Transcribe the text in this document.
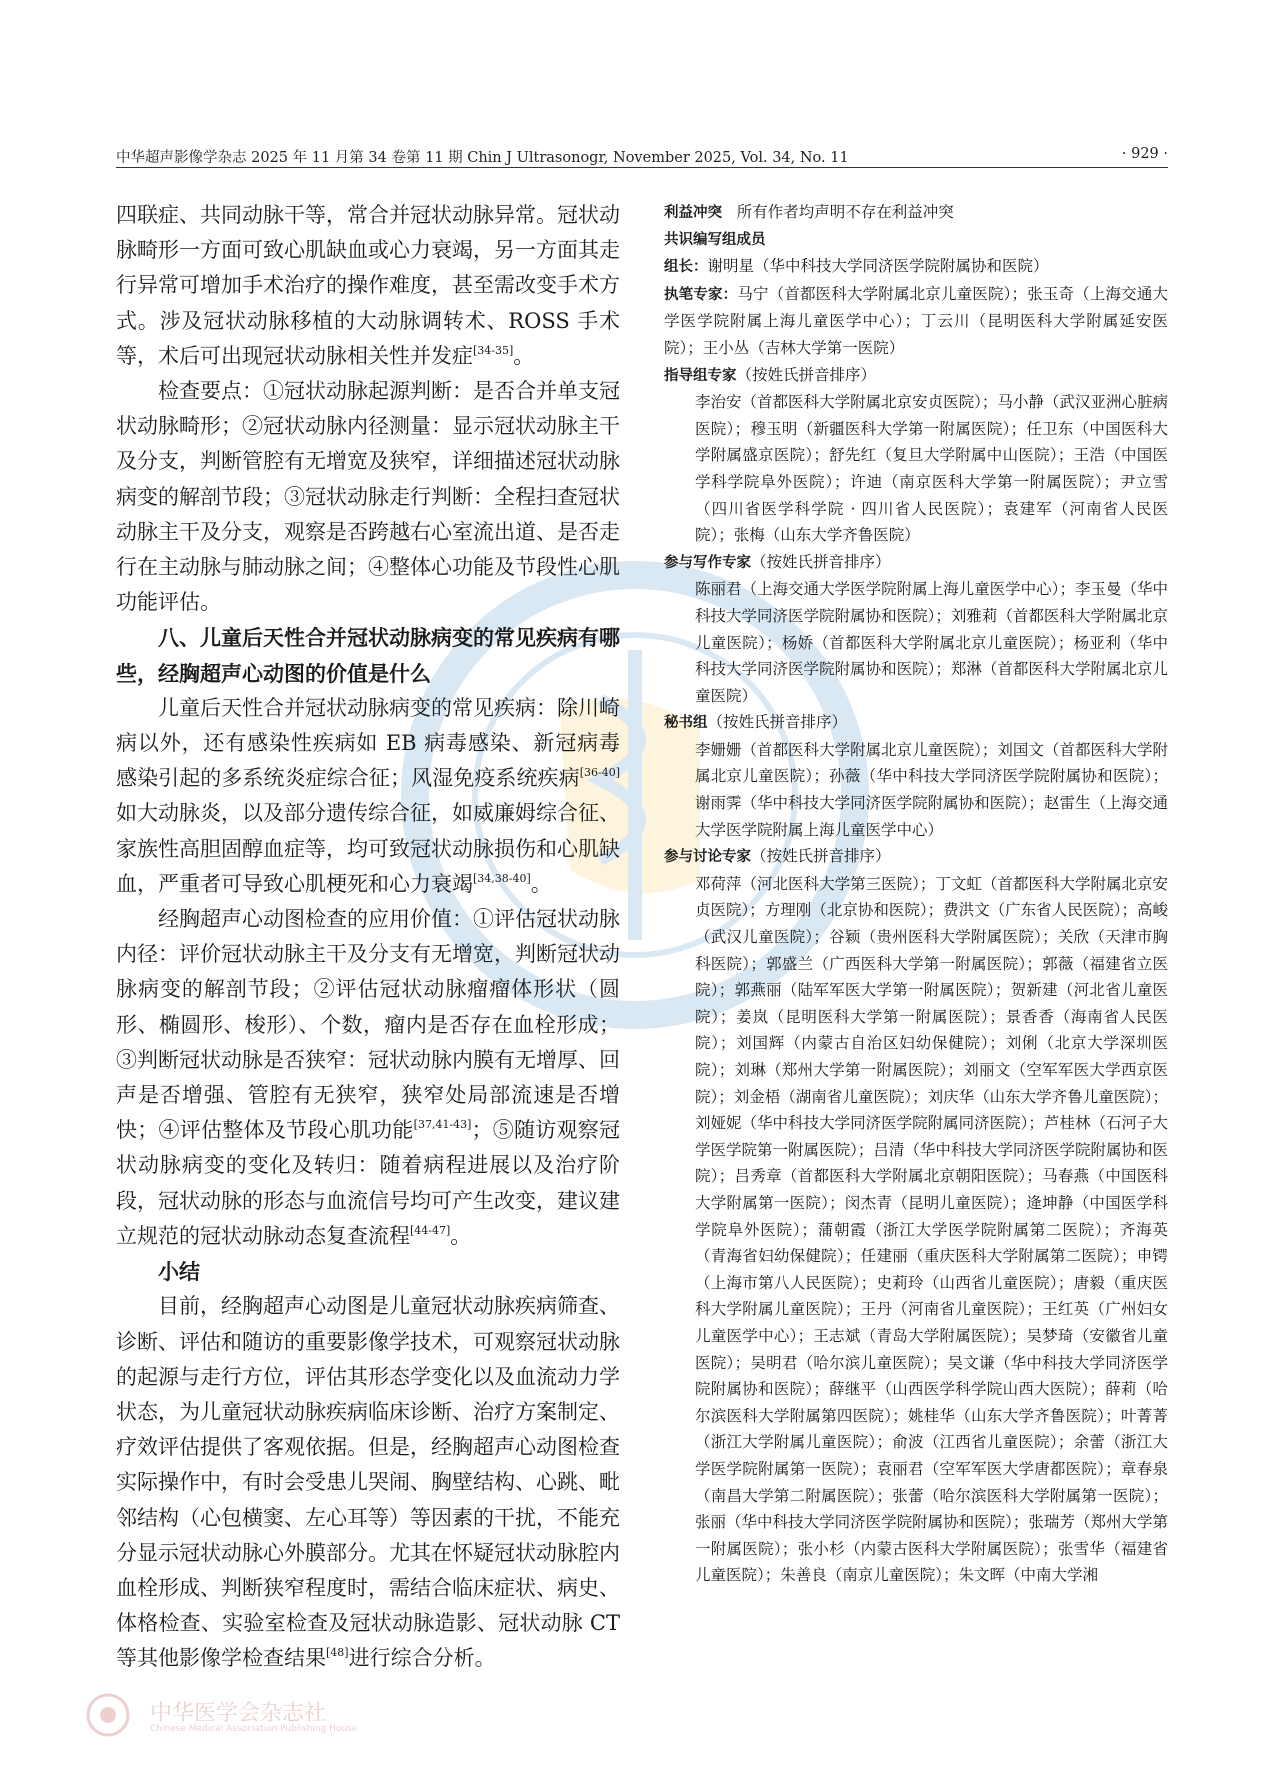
中华超声影像学杂志 2025 年 11 月第 34 卷第 11 期 Chin J Ultrasonogr, November 2025, Vol. 34, No. 11	· 929 ·

四联症、共同动脉干等，常合并冠状动脉异常。冠状动脉畸形一方面可致心肌缺血或心力衰竭，另一方面其走行异常可增加手术治疗的操作难度，甚至需改变手术方式。涉及冠状动脉移植的大动脉调转术、ROSS 手术等，术后可出现冠状动脉相关性并发症[34-35]。

检查要点：①冠状动脉起源判断：是否合并单支冠状动脉畸形；②冠状动脉内径测量：显示冠状动脉主干及分支，判断管腔有无增宽及狭窄，详细描述冠状动脉病变的解剖节段；③冠状动脉走行判断：全程扫查冠状动脉主干及分支，观察是否跨越右心室流出道、是否走行在主动脉与肺动脉之间；④整体心功能及节段性心肌功能评估。

八、儿童后天性合并冠状动脉病变的常见疾病有哪些，经胸超声心动图的价值是什么

儿童后天性合并冠状动脉病变的常见疾病：除川崎病以外，还有感染性疾病如 EB 病毒感染、新冠病毒感染引起的多系统炎症综合征；风湿免疫系统疾病[36-40]如大动脉炎，以及部分遗传综合征，如威廉姆综合征、家族性高胆固醇血症等，均可致冠状动脉损伤和心肌缺血，严重者可导致心肌梗死和心力衰竭[34,38-40]。

经胸超声心动图检查的应用价值：①评估冠状动脉内径：评价冠状动脉主干及分支有无增宽，判断冠状动脉病变的解剖节段；②评估冠状动脉瘤瘤体形状（圆形、椭圆形、梭形）、个数，瘤内是否存在血栓形成；③判断冠状动脉是否狭窄：冠状动脉内膜有无增厚、回声是否增强、管腔有无狭窄，狭窄处局部流速是否增快；④评估整体及节段心肌功能[37,41-43]；⑤随访观察冠状动脉病变的变化及转归：随着病程进展以及治疗阶段，冠状动脉的形态与血流信号均可产生改变，建议建立规范的冠状动脉动态复查流程[44-47]。

小结

目前，经胸超声心动图是儿童冠状动脉疾病筛查、诊断、评估和随访的重要影像学技术，可观察冠状动脉的起源与走行方位，评估其形态学变化以及血流动力学状态，为儿童冠状动脉疾病临床诊断、治疗方案制定、疗效评估提供了客观依据。但是，经胸超声心动图检查实际操作中，有时会受患儿哭闹、胸壁结构、心跳、毗邻结构（心包横窦、左心耳等）等因素的干扰，不能充分显示冠状动脉心外膜部分。尤其在怀疑冠状动脉腔内血栓形成、判断狭窄程度时，需结合临床症状、病史、体格检查、实验室检查及冠状动脉造影、冠状动脉 CT 等其他影像学检查结果[48]进行综合分析。

利益冲突 所有作者均声明不存在利益冲突

共识编写组成员

组长：谢明星（华中科技大学同济医学院附属协和医院）

执笔专家：马宁（首都医科大学附属北京儿童医院）；张玉奇（上海交通大学医学院附属上海儿童医学中心）；丁云川（昆明医科大学附属延安医院）；王小丛（吉林大学第一医院）

指导组专家（按姓氏拼音排序）

李治安（首都医科大学附属北京安贞医院）；马小静（武汉亚洲心脏病医院）；穆玉明（新疆医科大学第一附属医院）；任卫东（中国医科大学附属盛京医院）；舒先红（复旦大学附属中山医院）；王浩（中国医学科学院阜外医院）；许迪（南京医科大学第一附属医院）；尹立雪（四川省医学科学院 · 四川省人民医院）；袁建军（河南省人民医院）；张梅（山东大学齐鲁医院）

参与写作专家（按姓氏拼音排序）

陈丽君（上海交通大学医学院附属上海儿童医学中心）；李玉曼（华中科技大学同济医学院附属协和医院）；刘雅莉（首都医科大学附属北京儿童医院）；杨娇（首都医科大学附属北京儿童医院）；杨亚利（华中科技大学同济医学院附属协和医院）；郑淋（首都医科大学附属北京儿童医院）

秘书组（按姓氏拼音排序）

李姗姗（首都医科大学附属北京儿童医院）；刘国文（首都医科大学附属北京儿童医院）；孙薇（华中科技大学同济医学院附属协和医院）；谢雨霁（华中科技大学同济医学院附属协和医院）；赵雷生（上海交通大学医学院附属上海儿童医学中心）

参与讨论专家（按姓氏拼音排序）

邓荷萍（河北医科大学第三医院）；丁文虹（首都医科大学附属北京安贞医院）；方理刚（北京协和医院）；费洪文（广东省人民医院）；高峻（武汉儿童医院）；谷颖（贵州医科大学附属医院）；关欣（天津市胸科医院）；郭盛兰（广西医科大学第一附属医院）；郭薇（福建省立医院）；郭燕丽（陆军军医大学第一附属医院）；贺新建（河北省儿童医院）；姜岚（昆明医科大学第一附属医院）；景香香（海南省人民医院）；刘国辉（内蒙古自治区妇幼保健院）；刘俐（北京大学深圳医院）；刘琳（郑州大学第一附属医院）；刘丽文（空军军医大学西京医院）；刘金梧（湖南省儿童医院）；刘庆华（山东大学齐鲁儿童医院）；刘娅妮（华中科技大学同济医学院附属同济医院）；芦桂林（石河子大学医学院第一附属医院）；吕清（华中科技大学同济医学院附属协和医院）；吕秀章（首都医科大学附属北京朝阳医院）；马春燕（中国医科大学附属第一医院）；闵杰青（昆明儿童医院）；逄坤静（中国医学科学院阜外医院）；蒲朝霞（浙江大学医学院附属第二医院）；齐海英（青海省妇幼保健院）；任建丽（重庆医科大学附属第二医院）；申锷（上海市第八人民医院）；史莉玲（山西省儿童医院）；唐毅（重庆医科大学附属儿童医院）；王丹（河南省儿童医院）；王红英（广州妇女儿童医学中心）；王志斌（青岛大学附属医院）；吴梦琦（安徽省儿童医院）；吴明君（哈尔滨儿童医院）；吴文谦（华中科技大学同济医学院附属协和医院）；薛继平（山西医学科学院山西大医院）；薛莉（哈尔滨医科大学附属第四医院）；姚桂华（山东大学齐鲁医院）；叶菁菁（浙江大学附属儿童医院）；俞波（江西省儿童医院）；余蕾（浙江大学医学院附属第一医院）；袁丽君（空军军医大学唐都医院）；章春泉（南昌大学第二附属医院）；张蕾（哈尔滨医科大学附属第一医院）；张丽（华中科技大学同济医学院附属协和医院）；张瑞芳（郑州大学第一附属医院）；张小杉（内蒙古医科大学附属医院）；张雪华（福建省儿童医院）；朱善良（南京儿童医院）；朱文晖（中南大学湘

中华医学会杂志社
Chinese Medical Association Publishing House
